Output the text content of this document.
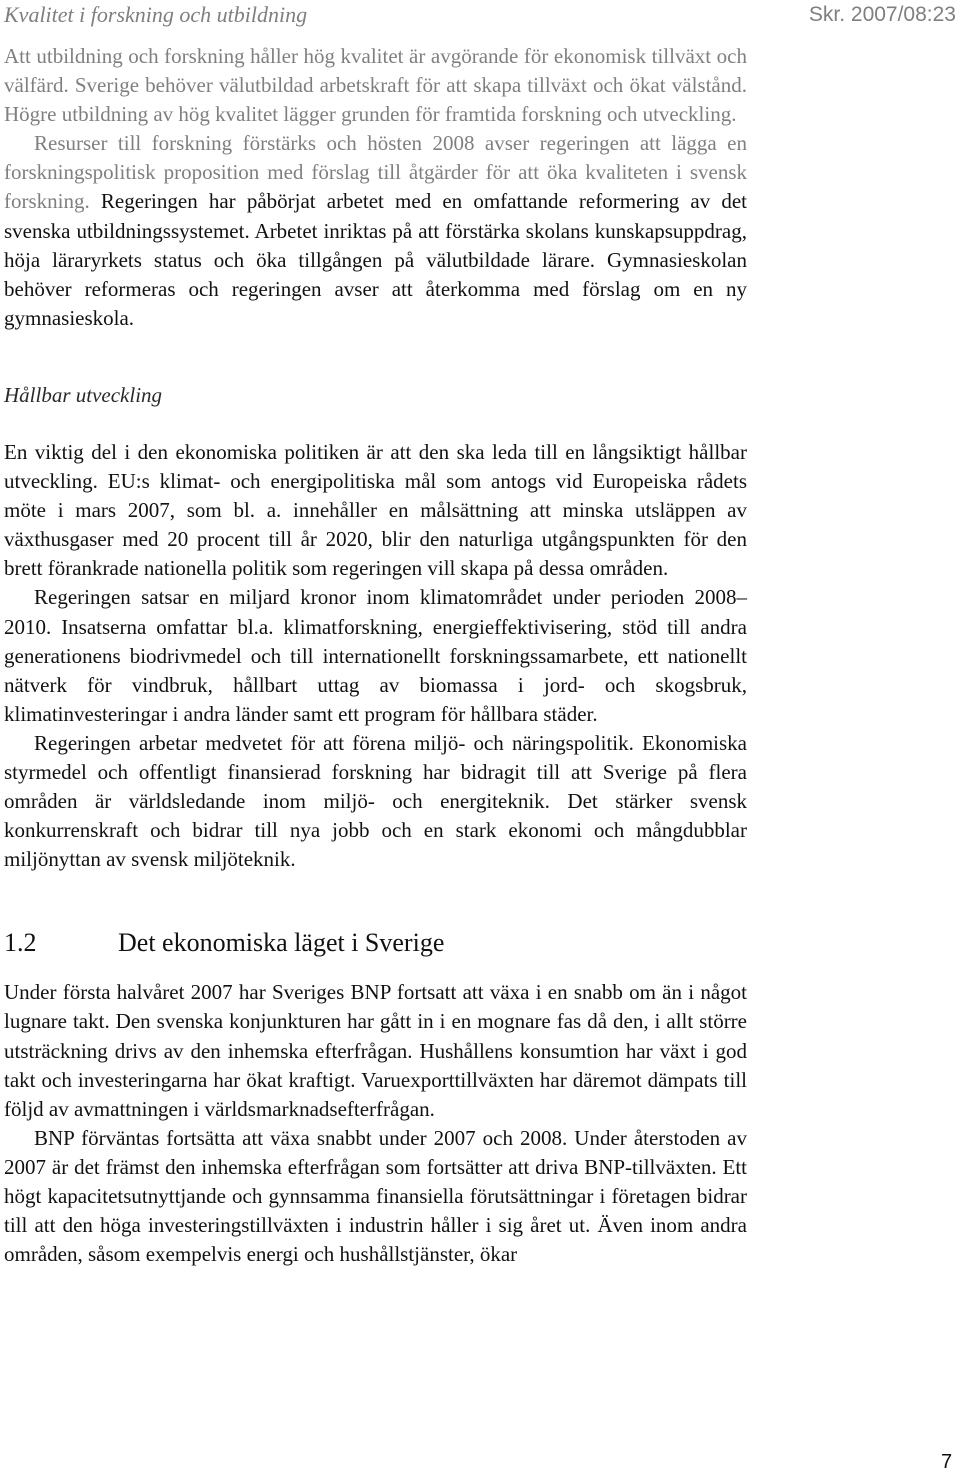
Kvalitet i forskning och utbildning	Skr. 2007/08:23

Att utbildning och forskning håller hög kvalitet är avgörande för ekonomisk tillväxt och välfärd. Sverige behöver välutbildad arbetskraft för att skapa tillväxt och ökat välstånd. Högre utbildning av hög kvalitet lägger grunden för framtida forskning och utveckling.

Resurser till forskning förstärks och hösten 2008 avser regeringen att lägga en forskningspolitisk proposition med förslag till åtgärder för att öka kvaliteten i svensk forskning. Regeringen har påbörjat arbetet med en omfattande reformering av det svenska utbildningssystemet. Arbetet inriktas på att förstärka skolans kunskapsuppdrag, höja läraryrkets status och öka tillgången på välutbildade lärare. Gymnasieskolan behöver reformeras och regeringen avser att återkomma med förslag om en ny gymnasieskola.

Hållbar utveckling

En viktig del i den ekonomiska politiken är att den ska leda till en långsiktigt hållbar utveckling. EU:s klimat- och energipolitiska mål som antogs vid Europeiska rådets möte i mars 2007, som bl. a. innehåller en målsättning att minska utsläppen av växthusgaser med 20 procent till år 2020, blir den naturliga utgångspunkten för den brett förankrade nationella politik som regeringen vill skapa på dessa områden.

Regeringen satsar en miljard kronor inom klimatområdet under perioden 2008–2010. Insatserna omfattar bl.a. klimatforskning, energieffektivisering, stöd till andra generationens biodrivmedel och till internationellt forskningssamarbete, ett nationellt nätverk för vindbruk, hållbart uttag av biomassa i jord- och skogsbruk, klimatinvesteringar i andra länder samt ett program för hållbara städer.

Regeringen arbetar medvetet för att förena miljö- och näringspolitik. Ekonomiska styrmedel och offentligt finansierad forskning har bidragit till att Sverige på flera områden är världsledande inom miljö- och energiteknik. Det stärker svensk konkurrenskraft och bidrar till nya jobb och en stark ekonomi och mångdubblar miljönyttan av svensk miljöteknik.

1.2	Det ekonomiska läget i Sverige

Under första halvåret 2007 har Sveriges BNP fortsatt att växa i en snabb om än i något lugnare takt. Den svenska konjunkturen har gått in i en mognare fas då den, i allt större utsträckning drivs av den inhemska efterfrågan. Hushållens konsumtion har växt i god takt och investeringarna har ökat kraftigt. Varuexporttillväxten har däremot dämpats till följd av avmattningen i världsmarknadsefterfrågan.

BNP förväntas fortsätta att växa snabbt under 2007 och 2008. Under återstoden av 2007 är det främst den inhemska efterfrågan som fortsätter att driva BNP-tillväxten. Ett högt kapacitetsutnyttjande och gynnsamma finansiella förutsättningar i företagen bidrar till att den höga investeringstillväxten i industrin håller i sig året ut. Även inom andra områden, såsom exempelvis energi och hushållstjänster, ökar

7
